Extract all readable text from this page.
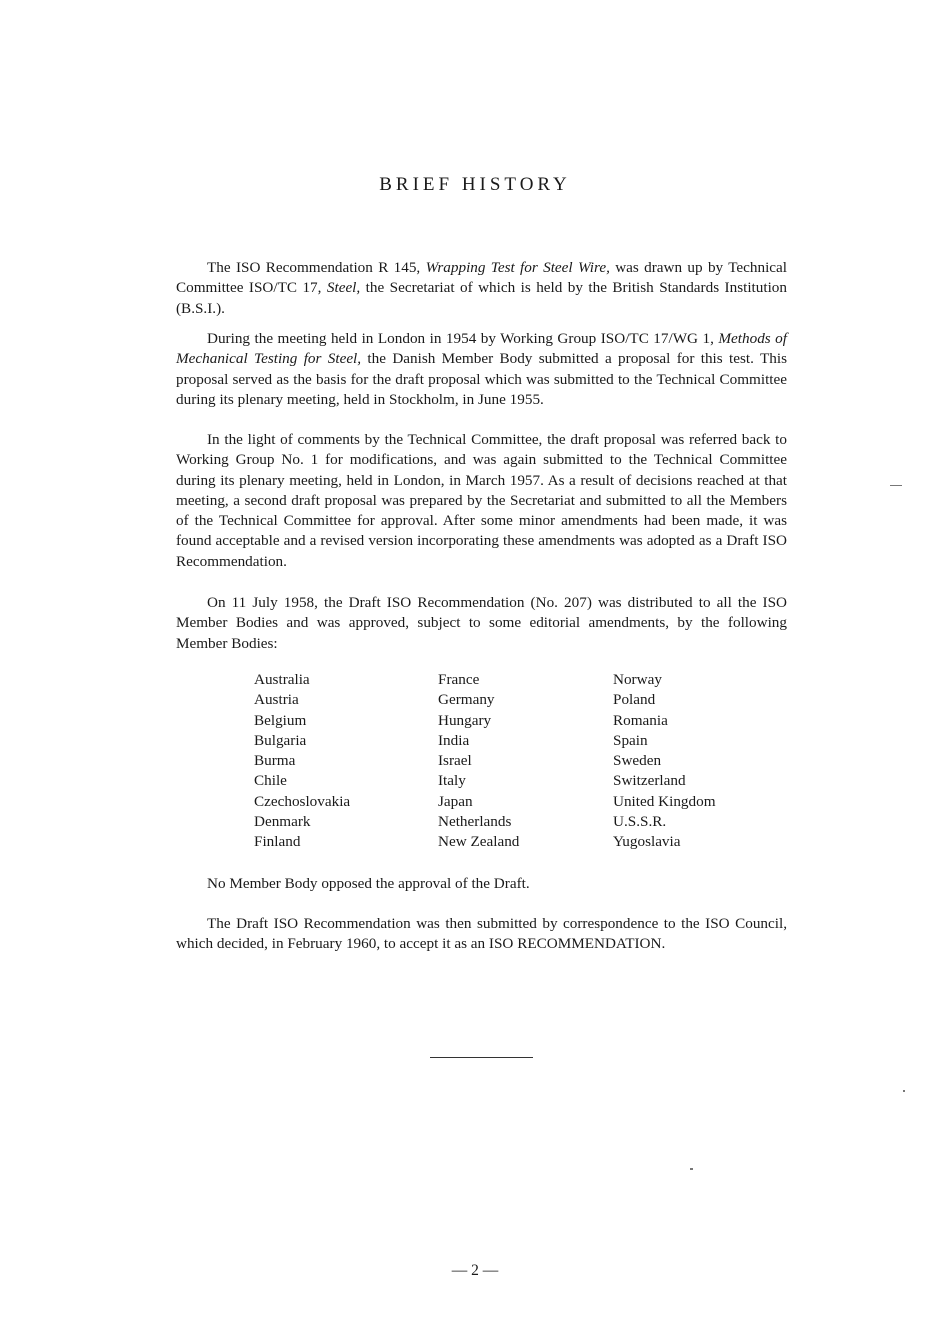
BRIEF HISTORY

The ISO Recommendation R 145, Wrapping Test for Steel Wire, was drawn up by Technical Committee ISO/TC 17, Steel, the Secretariat of which is held by the British Standards Institution (B.S.I.).

During the meeting held in London in 1954 by Working Group ISO/TC 17/WG 1, Methods of Mechanical Testing for Steel, the Danish Member Body submitted a proposal for this test. This proposal served as the basis for the draft proposal which was submitted to the Technical Committee during its plenary meeting, held in Stockholm, in June 1955.

In the light of comments by the Technical Committee, the draft proposal was referred back to Working Group No. 1 for modifications, and was again submitted to the Technical Committee during its plenary meeting, held in London, in March 1957. As a result of decisions reached at that meeting, a second draft proposal was prepared by the Secretariat and submitted to all the Members of the Technical Committee for approval. After some minor amendments had been made, it was found acceptable and a revised version incorporating these amendments was adopted as a Draft ISO Recommendation.

On 11 July 1958, the Draft ISO Recommendation (No. 207) was distributed to all the ISO Member Bodies and was approved, subject to some editorial amendments, by the following Member Bodies:

Australia
Austria
Belgium
Bulgaria
Burma
Chile
Czechoslovakia
Denmark
Finland
France
Germany
Hungary
India
Israel
Italy
Japan
Netherlands
New Zealand
Norway
Poland
Romania
Spain
Sweden
Switzerland
United Kingdom
U.S.S.R.
Yugoslavia

No Member Body opposed the approval of the Draft.

The Draft ISO Recommendation was then submitted by correspondence to the ISO Council, which decided, in February 1960, to accept it as an ISO RECOMMENDATION.

— 2 —
